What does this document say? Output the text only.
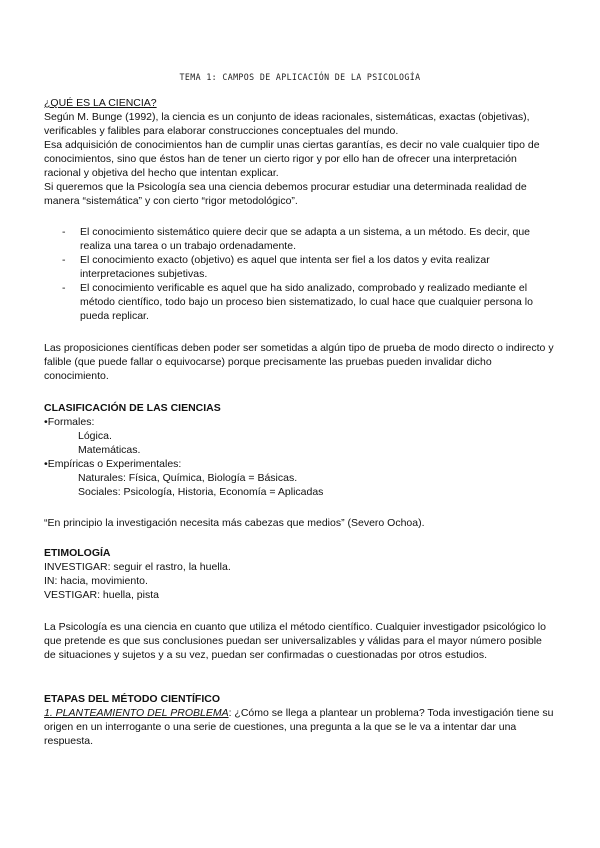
TEMA 1: CAMPOS DE APLICACIÓN DE LA PSICOLOGÍA

¿QUÉ ES LA CIENCIA?

Según M. Bunge (1992), la ciencia es un conjunto de ideas racionales, sistemáticas, exactas (objetivas), verificables y falibles para elaborar construcciones conceptuales del mundo.

Esa adquisición de conocimientos han de cumplir unas ciertas garantías, es decir no vale cualquier tipo de conocimientos, sino que éstos han de tener un cierto rigor y por ello han de ofrecer una interpretación racional y objetiva del hecho que intentan explicar.

Si queremos que la Psicología sea una ciencia debemos procurar estudiar una determinada realidad de manera “sistemática” y con cierto “rigor metodológico”.

- El conocimiento sistemático quiere decir que se adapta a un sistema, a un método. Es decir, que realiza una tarea o un trabajo ordenadamente.
- El conocimiento exacto (objetivo) es aquel que intenta ser fiel a los datos y evita realizar interpretaciones subjetivas.
- El conocimiento verificable es aquel que ha sido analizado, comprobado y realizado mediante el método científico, todo bajo un proceso bien sistematizado, lo cual hace que cualquier persona lo pueda replicar.

Las proposiciones científicas deben poder ser sometidas a algún tipo de prueba de modo directo o indirecto y falible (que puede fallar o equivocarse) porque precisamente las pruebas pueden invalidar dicho conocimiento.

CLASIFICACIÓN DE LAS CIENCIAS

•Formales:

Lógica.

Matemáticas.

•Empíricas o Experimentales:

Naturales: Física, Química, Biología = Básicas.

Sociales: Psicología, Historia, Economía = Aplicadas

“En principio la investigación necesita más cabezas que medios” (Severo Ochoa).

ETIMOLOGÍA

INVESTIGAR: seguir el rastro, la huella.

IN: hacia, movimiento.

VESTIGAR: huella, pista

La Psicología es una ciencia en cuanto que utiliza el método científico. Cualquier investigador psicológico lo que pretende es que sus conclusiones puedan ser universalizables y válidas para el mayor número posible de situaciones y sujetos y a su vez, puedan ser confirmadas o cuestionadas por otros estudios.

ETAPAS DEL MÉTODO CIENTÍFICO

1. PLANTEAMIENTO DEL PROBLEMA: ¿Cómo se llega a plantear un problema? Toda investigación tiene su origen en un interrogante o una serie de cuestiones, una pregunta a la que se le va a intentar dar una respuesta.
